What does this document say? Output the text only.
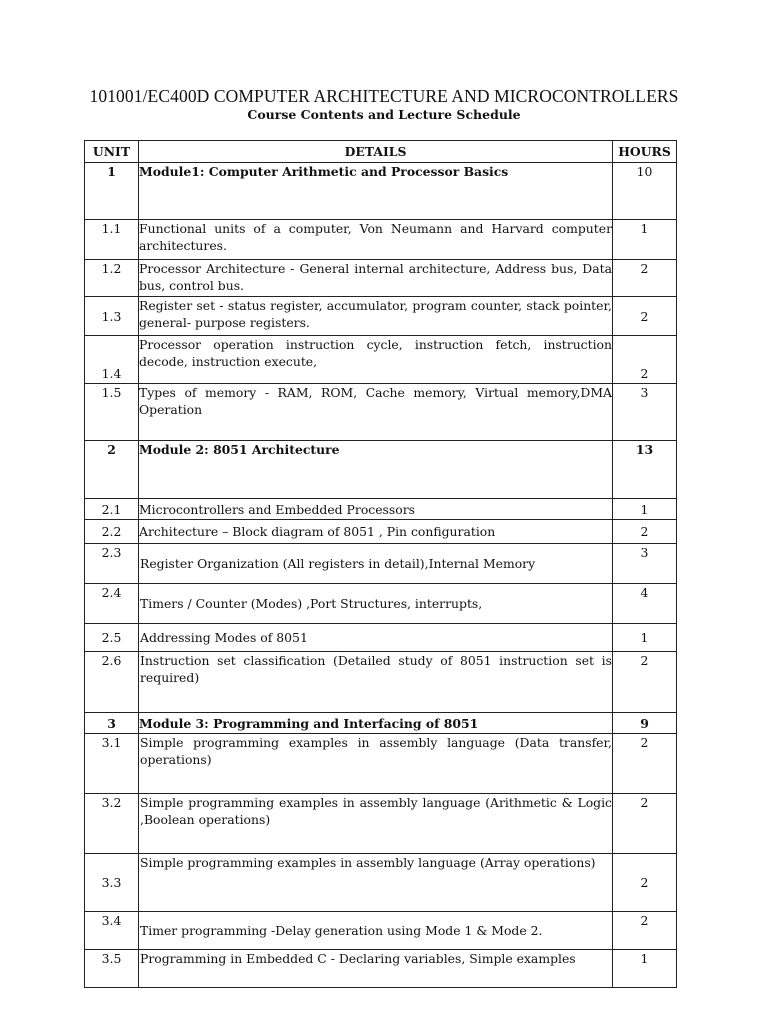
101001/EC400D COMPUTER ARCHITECTURE AND MICROCONTROLLERS
Course Contents and Lecture Schedule
UNIT	DETAILS	HOURS
1	Module1: Computer Arithmetic and Processor Basics	10
1.1	Functional units of a computer, Von Neumann and Harvard computer architectures.	1
1.2	Processor Architecture - General internal architecture, Address bus, Data bus, control bus.	2
1.3	Register set - status register, accumulator, program counter, stack pointer, general- purpose registers.	2
1.4	Processor operation instruction cycle, instruction fetch, instruction decode, instruction execute,	2
1.5	Types of memory - RAM, ROM, Cache memory, Virtual memory,DMA Operation	3
2	Module 2: 8051 Architecture	13
2.1	Microcontrollers and Embedded Processors	1
2.2	Architecture – Block diagram of 8051 , Pin configuration	2
2.3	Register Organization (All registers in detail),Internal Memory	3
2.4	Timers / Counter (Modes) ,Port Structures, interrupts,	4
2.5	Addressing Modes of 8051	1
2.6	Instruction set classification (Detailed study of 8051 instruction set is required)	2
3	Module 3: Programming and Interfacing of 8051	9
3.1	Simple programming examples in assembly language (Data transfer, operations)	2
3.2	Simple programming examples in assembly language (Arithmetic & Logic ,Boolean operations)	2
3.3	Simple programming examples in assembly language (Array operations)	2
3.4	Timer programming -Delay generation using Mode 1 & Mode 2.	2
3.5	Programming in Embedded C - Declaring variables, Simple examples	1
